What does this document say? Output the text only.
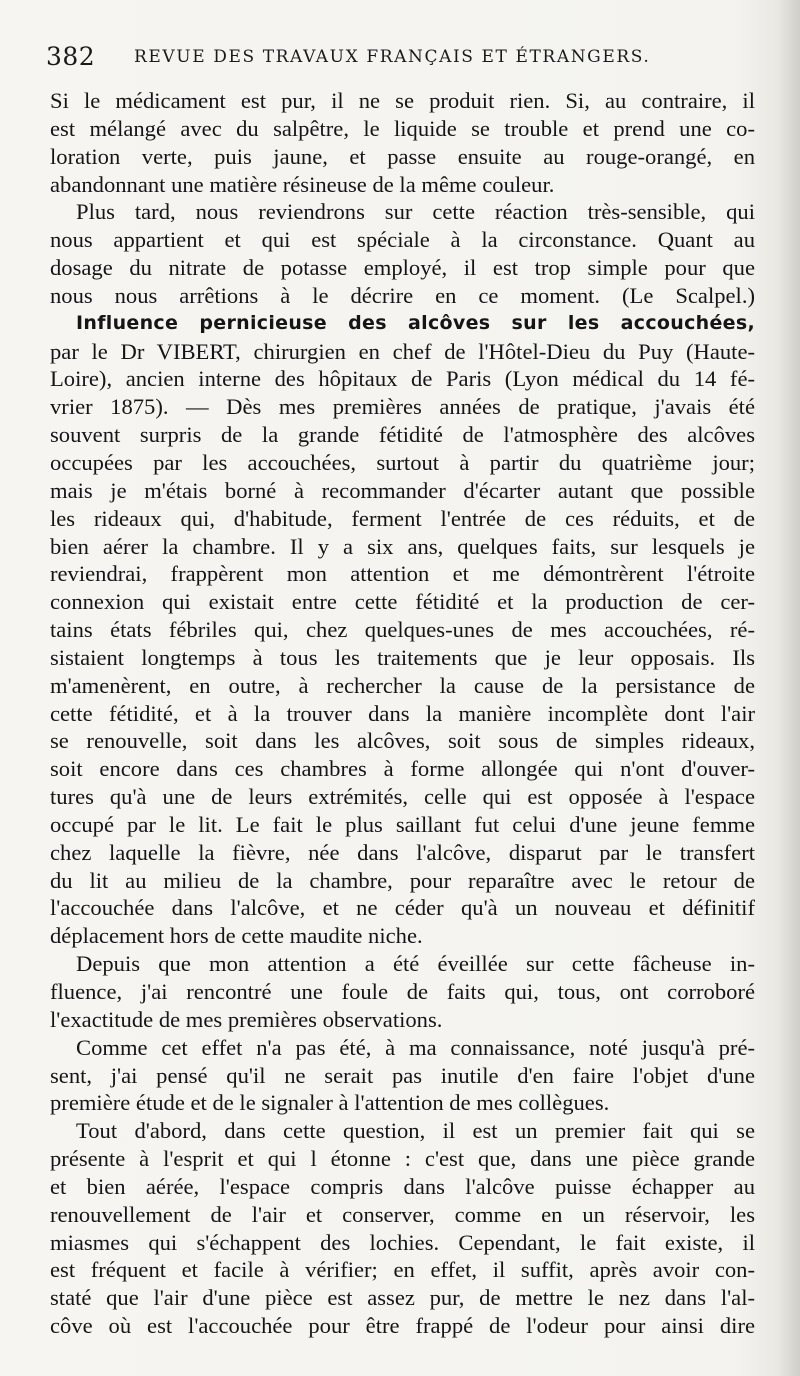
382 REVUE DES TRAVAUX FRANÇAIS ET ÉTRANGERS.
Si le médicament est pur, il ne se produit rien. Si, au contraire, il
est mélangé avec du salpêtre, le liquide se trouble et prend une co-
loration verte, puis jaune, et passe ensuite au rouge-orangé, en
abandonnant une matière résineuse de la même couleur.
Plus tard, nous reviendrons sur cette réaction très-sensible, qui
nous appartient et qui est spéciale à la circonstance. Quant au
dosage du nitrate de potasse employé, il est trop simple pour que
nous nous arrêtions à le décrire en ce moment. (Le Scalpel.)
Influence pernicieuse des alcôves sur les accouchées,
par le Dr VIBERT, chirurgien en chef de l'Hôtel-Dieu du Puy (Haute-
Loire), ancien interne des hôpitaux de Paris (Lyon médical du 14 fé-
vrier 1875). — Dès mes premières années de pratique, j'avais été
souvent surpris de la grande fétidité de l'atmosphère des alcôves
occupées par les accouchées, surtout à partir du quatrième jour;
mais je m'étais borné à recommander d'écarter autant que possible
les rideaux qui, d'habitude, ferment l'entrée de ces réduits, et de
bien aérer la chambre. Il y a six ans, quelques faits, sur lesquels je
reviendrai, frappèrent mon attention et me démontrèrent l'étroite
connexion qui existait entre cette fétidité et la production de cer-
tains états fébriles qui, chez quelques-unes de mes accouchées, ré-
sistaient longtemps à tous les traitements que je leur opposais. Ils
m'amenèrent, en outre, à rechercher la cause de la persistance de
cette fétidité, et à la trouver dans la manière incomplète dont l'air
se renouvelle, soit dans les alcôves, soit sous de simples rideaux,
soit encore dans ces chambres à forme allongée qui n'ont d'ouver-
tures qu'à une de leurs extrémités, celle qui est opposée à l'espace
occupé par le lit. Le fait le plus saillant fut celui d'une jeune femme
chez laquelle la fièvre, née dans l'alcôve, disparut par le transfert
du lit au milieu de la chambre, pour reparaître avec le retour de
l'accouchée dans l'alcôve, et ne céder qu'à un nouveau et définitif
déplacement hors de cette maudite niche.
Depuis que mon attention a été éveillée sur cette fâcheuse in-
fluence, j'ai rencontré une foule de faits qui, tous, ont corroboré
l'exactitude de mes premières observations.
Comme cet effet n'a pas été, à ma connaissance, noté jusqu'à pré-
sent, j'ai pensé qu'il ne serait pas inutile d'en faire l'objet d'une
première étude et de le signaler à l'attention de mes collègues.
Tout d'abord, dans cette question, il est un premier fait qui se
présente à l'esprit et qui l étonne : c'est que, dans une pièce grande
et bien aérée, l'espace compris dans l'alcôve puisse échapper au
renouvellement de l'air et conserver, comme en un réservoir, les
miasmes qui s'échappent des lochies. Cependant, le fait existe, il
est fréquent et facile à vérifier; en effet, il suffit, après avoir con-
staté que l'air d'une pièce est assez pur, de mettre le nez dans l'al-
côve où est l'accouchée pour être frappé de l'odeur pour ainsi dire
